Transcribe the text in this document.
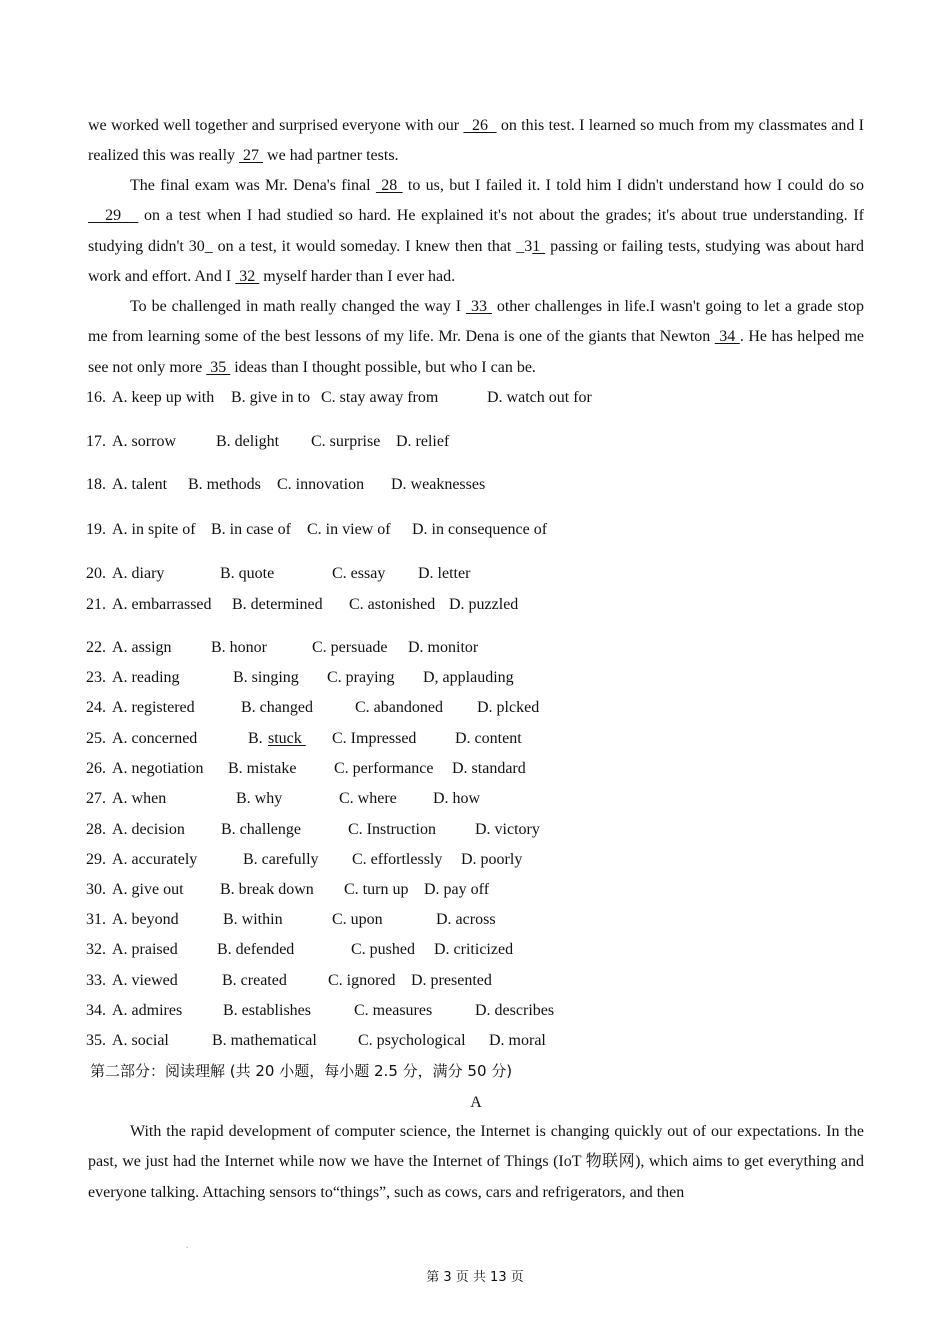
we worked well together and surprised everyone with our   26   on this test. I learned so much from my classmates and I realized this was really  27  we had partner tests.

The final exam was Mr. Dena's final  28  to us, but I failed it. I told him I didn't understand how I could do so    29    on a test when I had studied so hard. He explained it's not about the grades; it's about true understanding. If studying didn't 30_ on a test, it would someday. I knew then that _31  passing or failing tests, studying was about hard work and effort. And I  32  myself harder than I ever had.

To be challenged in math really changed the way I  33  other challenges in life.I wasn't going to let a grade stop me from learning some of the best lessons of my life. Mr. Dena is one of the giants that Newton  34 . He has helped me see not only more  35  ideas than I thought possible, but who I can be.

16. A. keep up with B. give in to C. stay away from	D. watch out for
17. A. sorrow	B. delight C. surprise D. relief
18. A. talent B. methods C. innovation D. weaknesses
19. A. in spite of B. in case of C. in view of D. in consequence of
20. A. diary	B. quote	C. essay D. letter
21. A. embarrassed B. determined C. astonished D. puzzled
22. A. assign B. honor	C. persuade D. monitor
23. A. reading	B. singing C. praying D, applauding
24. A. registered	B. changed	C. abandoned D. plcked
25. A. concerned	B. stuck C. Impressed D. content
26. A. negotiation B. mistake C. performance D. standard
27. A. when	B. why	C. where D. how
28. A. decision B. challenge	C. Instruction D. victory
29. A. accurately	B. carefully C. effortlessly D. poorly
30. A. give out B. break down C. turn up D. pay off
31. A. beyond	B. within	C. upon	D. across
32. A. praised B. defended	C. pushed D. criticized
33. A. viewed	B. created	C. ignored D. presented
34. A. admires	B. establishes	C. measures	D. describes
35. A. social	B. mathematical	C. psychological D. moral
第二部分：阅读理解 (共 20 小题，每小题 2.5 分，满分 50 分)
A

With the rapid development of computer science, the Internet is changing quickly out of our expectations. In the past, we just had the Internet while now we have the Internet of Things (IoT 物联网), which aims to get everything and everyone talking. Attaching sensors to“things”, such as cows, cars and refrigerators, and then

.
第 3 页 共 13 页
